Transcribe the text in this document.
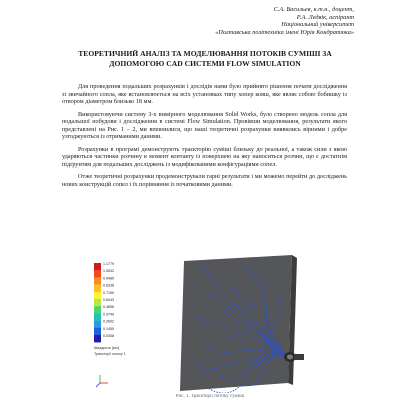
С.А. Васильев, к.т.н., доцент,
Р.А. Ледвік, аспірант
Національний університет
«Полтавська політехніка імені Юрія Кондратюка»
ТЕОРЕТИЧНИЙ АНАЛІЗ ТА МОДЕЛЮВАННЯ ПОТОКІВ СУМІШІ ЗА ДОПОМОГОЮ CAD СИСТЕМИ FLOW SIMULATION

Для проведення подальших розрахунків і дослідів нами було прийнято рішення почати дослідження зі звичайного сопла, яке встановлюється на всіх установках типу хопер ковш, яке являє собою бобишку із отвором діаметром близько 18 мм.

Використовуючи систему 3-х вимірного моделювання Solid Works, було створено модель сопла для подальшої побудови і дослідження в системі Flow Simulation. Провівши моделювання, результати якого представлені на Рис. 1 – 2, ми впевнилися, що наші теоретичні розрахунки виявились вірними і добре узгоджуються із отриманими даними.

Розрахунки в програмі демонструють траєкторію суміші близьку до реальної, а також сили з якою ударяються частинки розчину в момент контакту із поверхнею на яку наноситься розчин, що є достатнім підґрунтям для подальших досліджень із модифікованими конфігураціями сопел.

Отже теоретичні розрахунки продемонстрували гарні результати і ми можемо перейти до досліджень нових конструкцій сопел і їх порівняння із початковими даними.

1.1779
1.0632
0.9485
0.8338
0.7190
0.6043
0.4896
0.3749
0.2602
0.1455
0.0308
Швидкість [м/с]
Траєкторії потоку 1
Рис. 1. Траєкторії потоку суміші
